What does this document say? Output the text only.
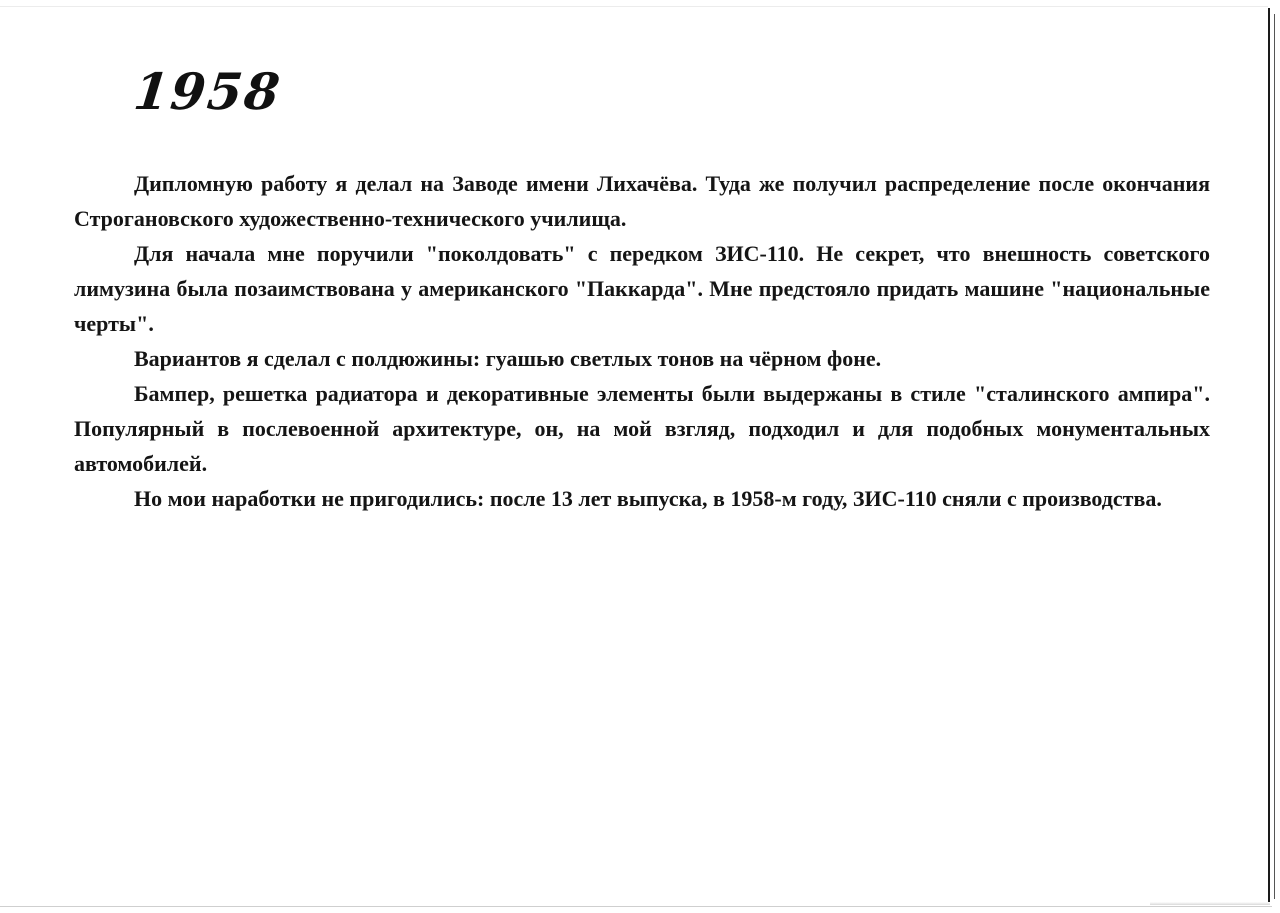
1958

Дипломную работу я делал на Заводе имени Лихачёва. Туда же получил распределение после окончания Строгановского художественно-технического училища.

Для начала мне поручили "поколдовать" с передком ЗИС-110. Не секрет, что внешность советского лимузина была позаимствована у американского "Паккарда". Мне предстояло придать машине "национальные черты".

Вариантов я сделал с полдюжины: гуашью светлых тонов на чёрном фоне.

Бампер, решетка радиатора и декоративные элементы были выдержаны в стиле "сталинского ампира". Популярный в послевоенной архитектуре, он, на мой взгляд, подходил и для подобных монументальных автомобилей.

Но мои наработки не пригодились: после 13 лет выпуска, в 1958-м году, ЗИС-110 сняли с производства.
